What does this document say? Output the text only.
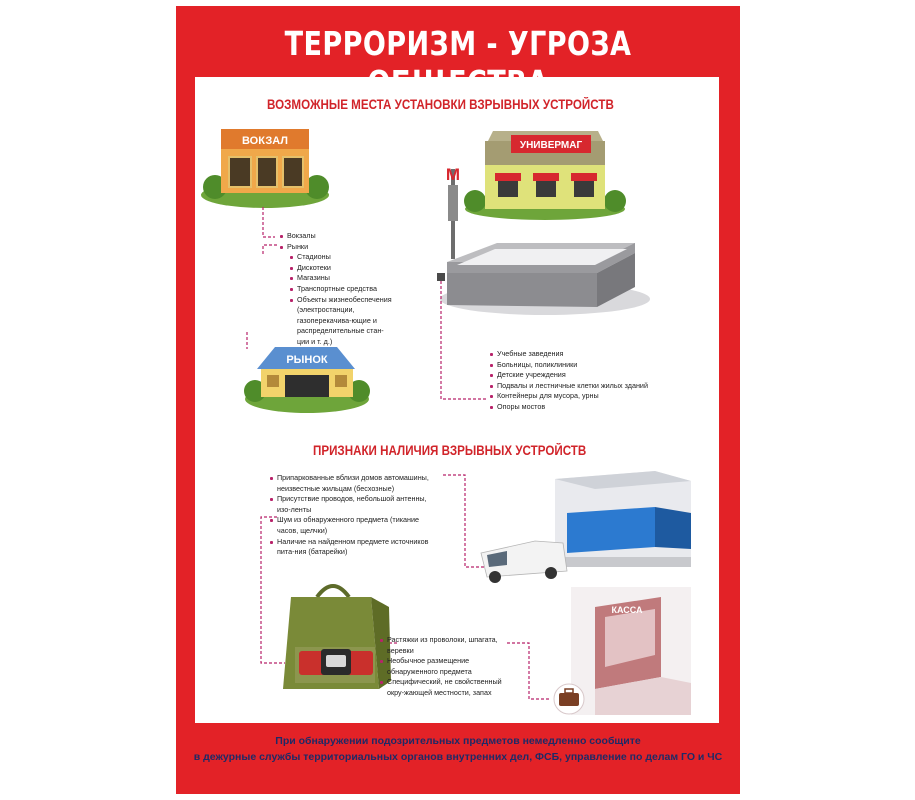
ТЕРРОРИЗМ - УГРОЗА
ВОЗМОЖНЫЕ МЕСТА УСТАНОВКИ ВЗРЫВНЫХ УСТРОЙСТВ
ВОКЗАЛ	УНИВЕРМАГ
М
РЫНОК
КАССА
Вокзалы
Рынки
Стадионы
Дискотеки
Магазины
Транспортные средства
Объекты жизнеобеспечения (электростанции, газоперекачива-ющие и распределительные стан-ции и т. д.)
Учебные заведения
Больницы, поликлиники
Детские учреждения
Подвалы и лестничные клетки жилых зданий
Контейнеры для мусора, урны
Опоры мостов
ПРИЗНАКИ НАЛИЧИЯ ВЗРЫВНЫХ УСТРОЙСТВ
Припаркованные вблизи домов автомашины, неизвестные жильцам (бесхозные)
Присутствие проводов, небольшой антенны, изо-ленты
Шум из обнаруженного предмета (тикание часов, щелчки)
Наличие на найденном предмете источников пита-ния (батарейки)
Растяжки из проволоки, шпагата, веревки
Необычное размещение обнаруженного предмета
Специфический, не свойственный окру-жающей местности, запах
При обнаружении подозрительных предметов немедленно сообщите
в дежурные службы территориальных органов внутренних дел, ФСБ, управление по делам ГО и ЧС
